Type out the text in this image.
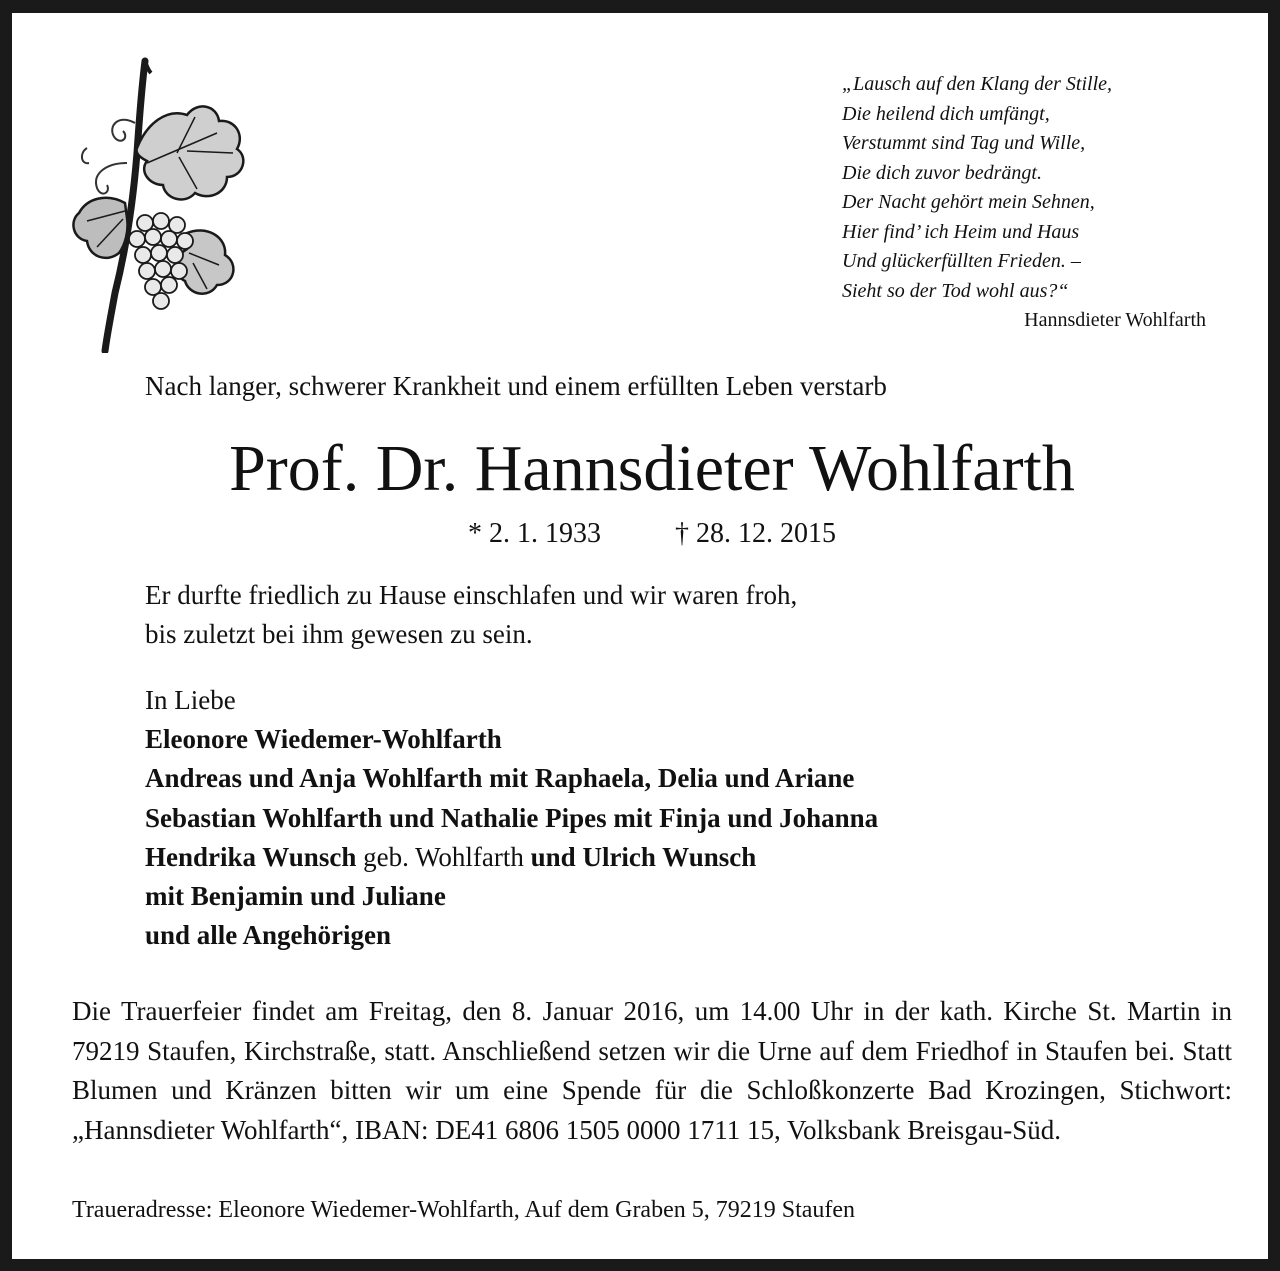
„Lausch auf den Klang der Stille,
Die heilend dich umfängt,
Verstummt sind Tag und Wille,
Die dich zuvor bedrängt.
Der Nacht gehört mein Sehnen,
Hier find’ ich Heim und Haus
Und glückerfüllten Frieden. –
Sieht so der Tod wohl aus?“
Hannsdieter Wohlfarth
Nach langer, schwerer Krankheit und einem erfüllten Leben verstarb
Prof. Dr. Hannsdieter Wohlfarth
* 2. 1. 1933	† 28. 12. 2015
Er durfte friedlich zu Hause einschlafen und wir waren froh,
bis zuletzt bei ihm gewesen zu sein.
In Liebe
Eleonore Wiedemer-Wohlfarth
Andreas und Anja Wohlfarth mit Raphaela, Delia und Ariane
Sebastian Wohlfarth und Nathalie Pipes mit Finja und Johanna
Hendrika Wunsch geb. Wohlfarth und Ulrich Wunsch
mit Benjamin und Juliane
und alle Angehörigen
Die Trauerfeier findet am Freitag, den 8. Januar 2016, um 14.00 Uhr in der kath. Kirche St. Martin in 79219 Staufen, Kirchstraße, statt. Anschließend setzen wir die Urne auf dem Friedhof in Staufen bei. Statt Blumen und Kränzen bitten wir um eine Spende für die Schloßkonzerte Bad Krozingen, Stichwort: „Hannsdieter Wohlfarth“, IBAN: DE41 6806 1505 0000 1711 15, Volksbank Breisgau-Süd.
Traueradresse: Eleonore Wiedemer-Wohlfarth, Auf dem Graben 5, 79219 Staufen
